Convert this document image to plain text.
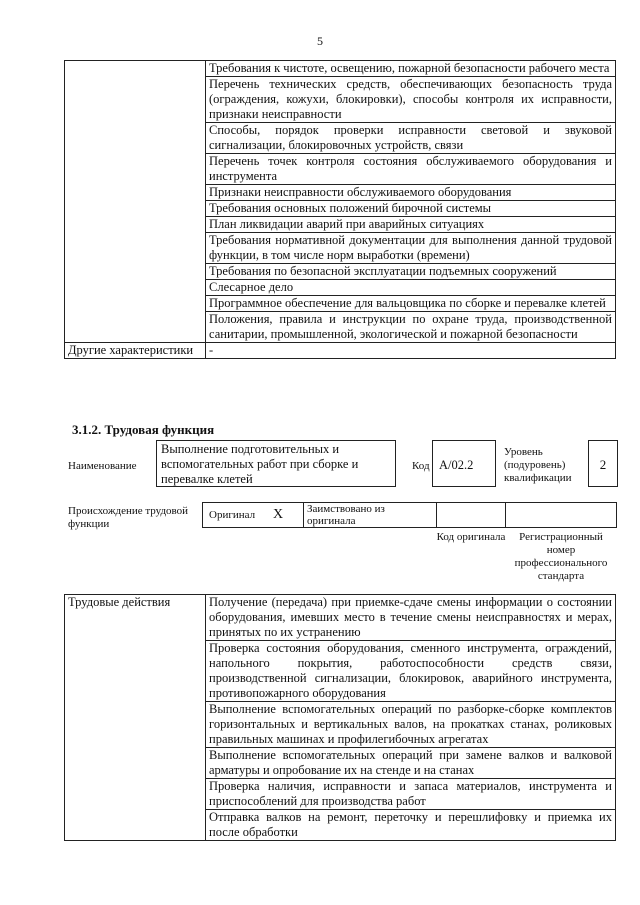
5
	Требования к чистоте, освещению, пожарной безопасности рабочего места
	Перечень технических средств, обеспечивающих безопасность труда (ограждения, кожухи, блокировки), способы контроля их исправности, признаки неисправности
	Способы, порядок проверки исправности световой и звуковой сигнализации, блокировочных устройств, связи
	Перечень точек контроля состояния обслуживаемого оборудования и инструмента
	Признаки неисправности обслуживаемого оборудования
	Требования основных положений бирочной системы
	План ликвидации аварий при аварийных ситуациях
	Требования нормативной документации для выполнения данной трудовой функции, в том числе норм выработки (времени)
	Требования по безопасной эксплуатации подъемных сооружений
	Слесарное дело
	Программное обеспечение для вальцовщика по сборке и перевалке клетей
	Положения, правила и инструкции по охране труда, производственной санитарии, промышленной, экологической и пожарной безопасности
Другие характеристики	-
3.1.2. Трудовая функция
Наименование
Выполнение подготовительных и вспомогательных работ при сборке и перевалке клетей
Код А/02.2
Уровень (подуровень) квалификации
2
Происхождение трудовой функции
Оригинал X	Заимствовано из оригинала
Код оригинала	Регистрационный номер профессионального стандарта
Трудовые действия	Получение (передача) при приемке-сдаче смены информации о состоянии оборудования, имевших место в течение смены неисправностях и мерах, принятых по их устранению
Проверка состояния оборудования, сменного инструмента, ограждений, напольного покрытия, работоспособности средств связи, производственной сигнализации, блокировок, аварийного инструмента, противопожарного оборудования
Выполнение вспомогательных операций по разборке-сборке комплектов горизонтальных и вертикальных валов, на прокатках станах, роликовых правильных машинах и профилегибочных агрегатах
Выполнение вспомогательных операций при замене валков и валковой арматуры и опробование их на стенде и на станах
Проверка наличия, исправности и запаса материалов, инструмента и приспособлений для производства работ
Отправка валков на ремонт, переточку и перешлифовку и приемка их после обработки
